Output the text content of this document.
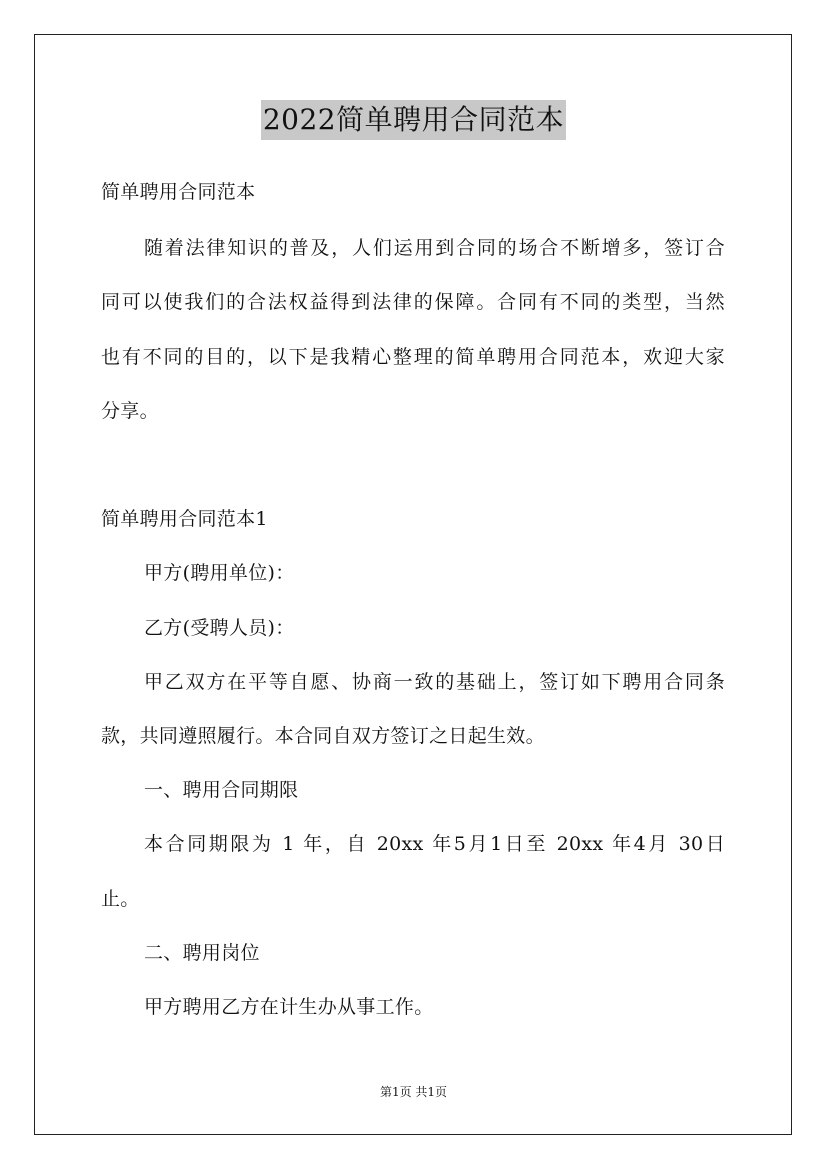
2022简单聘用合同范本
简单聘用合同范本
随着法律知识的普及，人们运用到合同的场合不断增多，签订合
同可以使我们的合法权益得到法律的保障。合同有不同的类型，当然
也有不同的目的，以下是我精心整理的简单聘用合同范本，欢迎大家
分享。
简单聘用合同范本1
甲方(聘用单位)：
乙方(受聘人员)：
甲乙双方在平等自愿、协商一致的基础上，签订如下聘用合同条
款，共同遵照履行。本合同自双方签订之日起生效。
一、聘用合同期限
本合同期限为 1 年，自 20xx 年5月1日至 20xx 年4月 30日
止。
二、聘用岗位
甲方聘用乙方在计生办从事工作。
第1页 共1页
